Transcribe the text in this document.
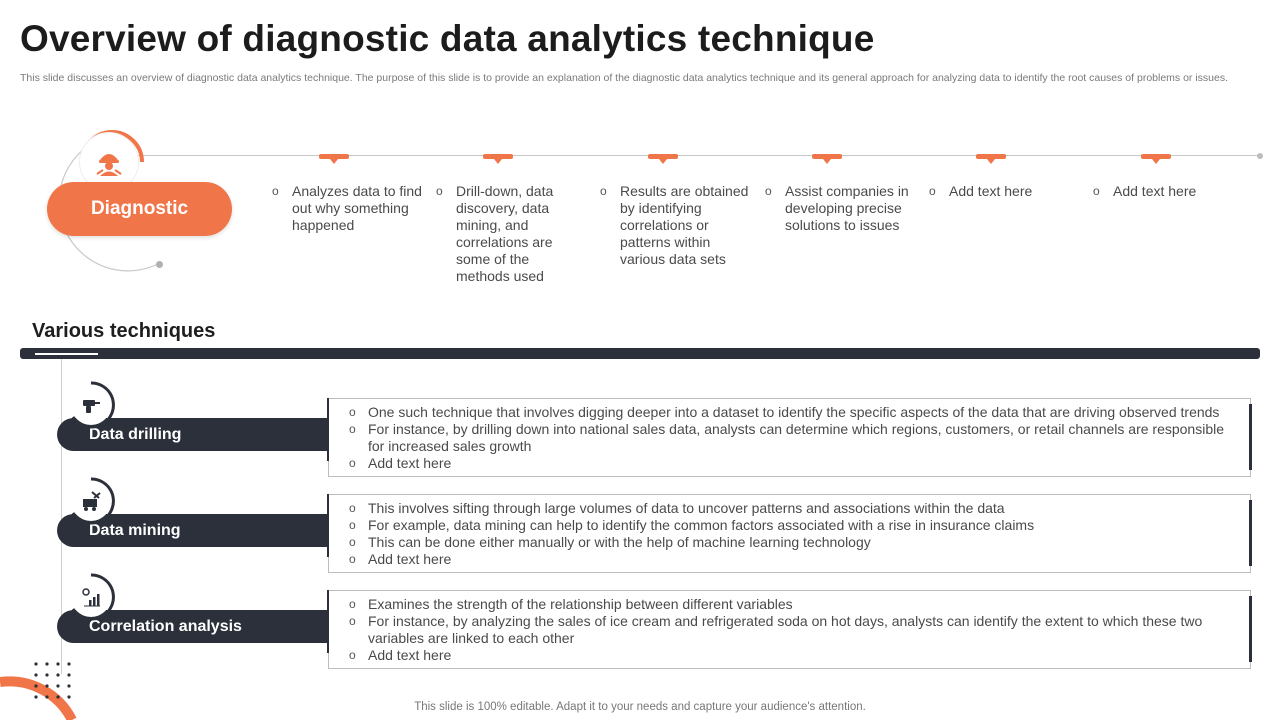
Overview of diagnostic data analytics technique
This slide discusses an overview of diagnostic data analytics technique. The purpose of this slide is to provide an explanation of the diagnostic data analytics technique and its general approach for analyzing data to identify the root causes of problems or issues.
Diagnostic
o Analyzes data to find out why something happened
o Drill-down, data discovery, data mining, and correlations are some of the methods used
o Results are obtained by identifying correlations or patterns within various data sets
o Assist companies in developing precise solutions to issues
o Add text here	o Add text here
Various techniques
Data drilling
o One such technique that involves digging deeper into a dataset to identify the specific aspects of the data that are driving observed trends
o For instance, by drilling down into national sales data, analysts can determine which regions, customers, or retail channels are responsible for increased sales growth
o Add text here
Data mining
o This involves sifting through large volumes of data to uncover patterns and associations within the data
o For example, data mining can help to identify the common factors associated with a rise in insurance claims
o This can be done either manually or with the help of machine learning technology
o Add text here
Correlation analysis
o Examines the strength of the relationship between different variables
o For instance, by analyzing the sales of ice cream and refrigerated soda on hot days, analysts can identify the extent to which these two variables are linked to each other
o Add text here
This slide is 100% editable. Adapt it to your needs and capture your audience's attention.
